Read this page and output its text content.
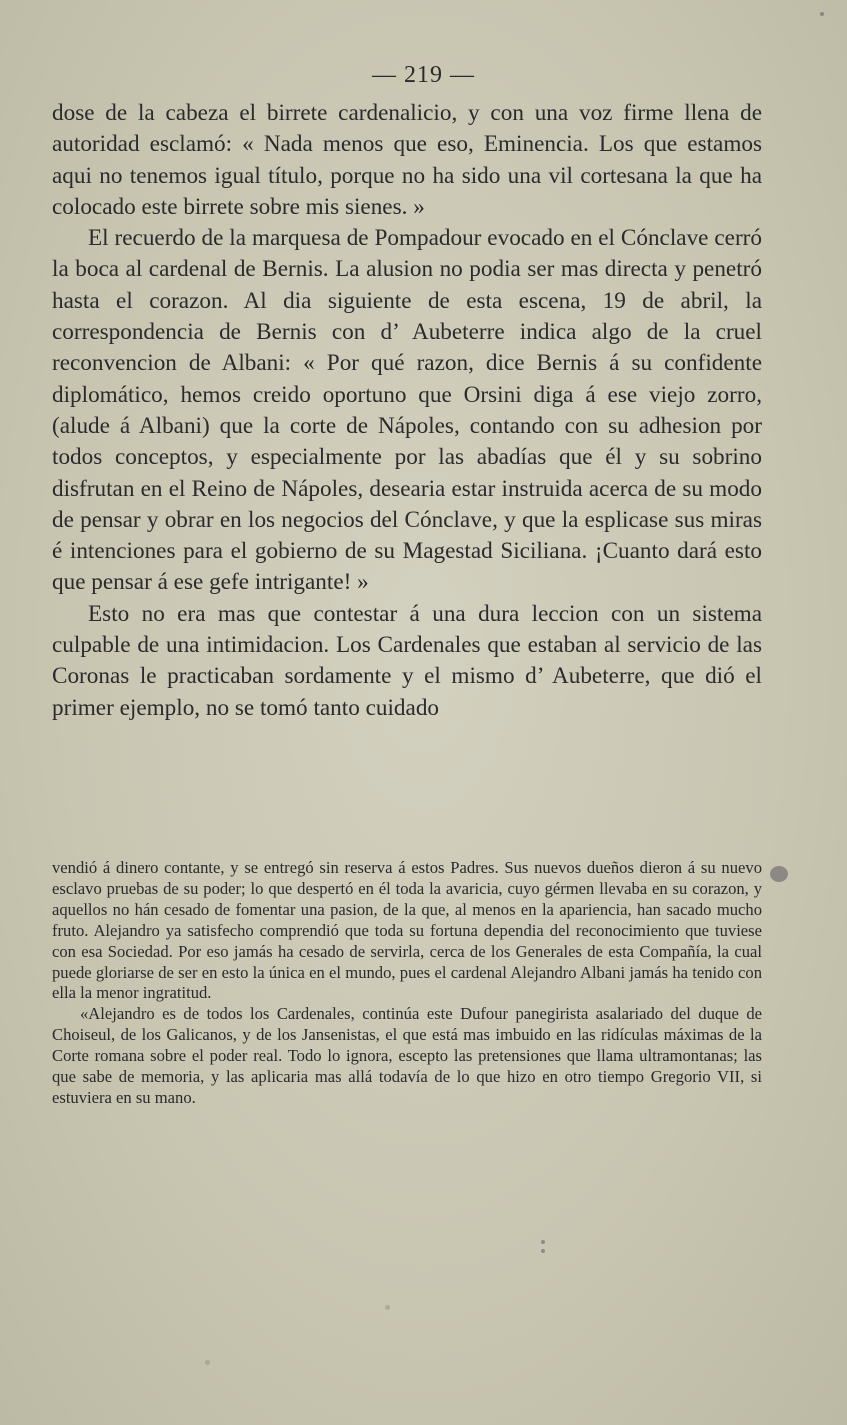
— 219 —

dose de la cabeza el birrete cardenalicio, y con una voz firme llena de autoridad esclamó: « Nada menos que eso, Eminencia. Los que estamos aqui no tenemos igual título, porque no ha sido una vil cortesana la que ha colocado este birrete sobre mis sienes. »

El recuerdo de la marquesa de Pompadour evocado en el Cónclave cerró la boca al cardenal de Bernis. La alusion no podia ser mas directa y penetró hasta el corazon. Al dia siguiente de esta escena, 19 de abril, la correspondencia de Bernis con d’ Aubeterre indica algo de la cruel reconvencion de Albani: « Por qué razon, dice Bernis á su confidente diplomático, hemos creido oportuno que Orsini diga á ese viejo zorro, (alude á Albani) que la corte de Nápoles, contando con su adhesion por todos conceptos, y especialmente por las abadías que él y su sobrino disfrutan en el Reino de Nápoles, desearia estar instruida acerca de su modo de pensar y obrar en los negocios del Cónclave, y que la esplicase sus miras é intenciones para el gobierno de su Magestad Siciliana. ¡Cuanto dará esto que pensar á ese gefe intrigante! »

Esto no era mas que contestar á una dura leccion con un sistema culpable de una intimidacion. Los Cardenales que estaban al servicio de las Coronas le practicaban sordamente y el mismo d’ Aubeterre, que dió el primer ejemplo, no se tomó tanto cuidado

vendió á dinero contante, y se entregó sin reserva á estos Padres. Sus nuevos dueños dieron á su nuevo esclavo pruebas de su poder; lo que despertó en él toda la avaricia, cuyo gérmen llevaba en su corazon, y aquellos no hán cesado de fomentar una pasion, de la que, al menos en la apariencia, han sacado mucho fruto. Alejandro ya satisfecho comprendió que toda su fortuna dependia del reconocimiento que tuviese con esa Sociedad. Por eso jamás ha cesado de servirla, cerca de los Generales de esta Compañía, la cual puede gloriarse de ser en esto la única en el mundo, pues el cardenal Alejandro Albani jamás ha tenido con ella la menor ingratitud.

«Alejandro es de todos los Cardenales, continúa este Dufour panegirista asalariado del duque de Choiseul, de los Galicanos, y de los Jansenistas, el que está mas imbuido en las ridículas máximas de la Corte romana sobre el poder real. Todo lo ignora, escepto las pretensiones que llama ultramontanas; las que sabe de memoria, y las aplicaria mas allá todavía de lo que hizo en otro tiempo Gregorio VII, si estuviera en su mano.
